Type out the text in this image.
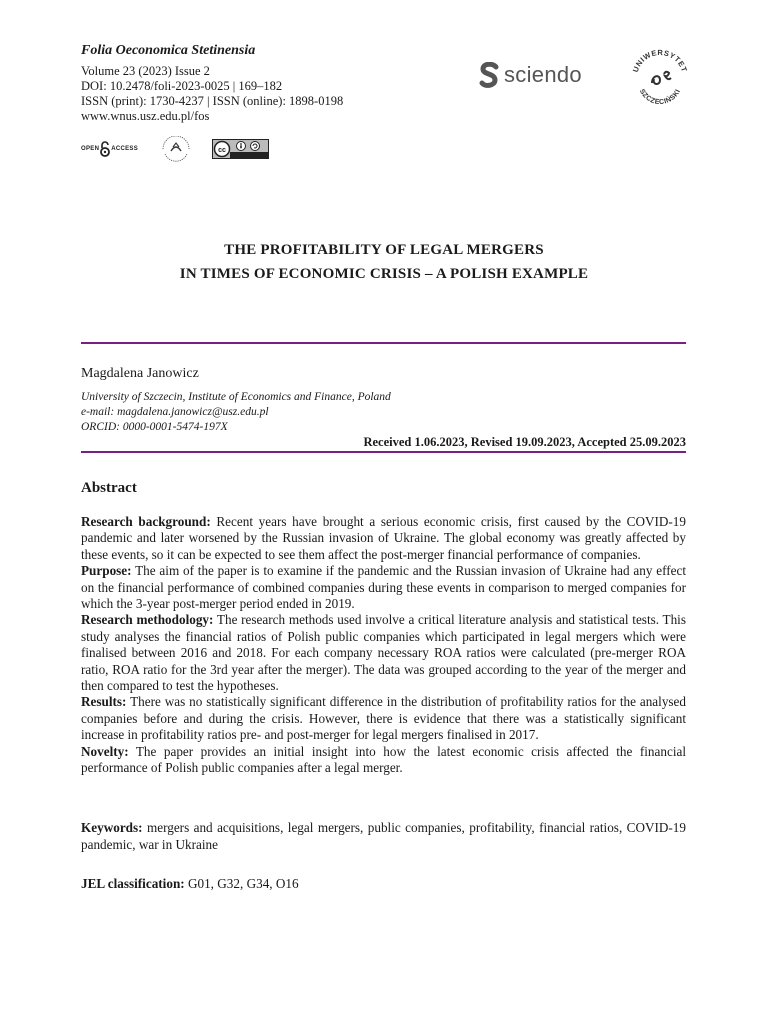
Folia Oeconomica Stetinensia
Volume 23 (2023) Issue 2
DOI: 10.2478/foli-2023-0025 | 169–182
ISSN (print): 1730-4237 | ISSN (online): 1898-0198
www.wnus.usz.edu.pl/fos
OPEN ACCESS	cc
sciendo	UNIWERSYTET
SZCZECIŃSKI
THE PROFITABILITY OF LEGAL MERGERS
IN TIMES OF ECONOMIC CRISIS – A POLISH EXAMPLE
Magdalena Janowicz
University of Szczecin, Institute of Economics and Finance, Poland
e-mail: magdalena.janowicz@usz.edu.pl
ORCID: 0000-0001-5474-197X
Received 1.06.2023, Revised 19.09.2023, Accepted 25.09.2023
Abstract

Research background: Recent years have brought a serious economic crisis, first caused by the COVID-19 pandemic and later worsened by the Russian invasion of Ukraine. The global economy was greatly affected by these events, so it can be expected to see them affect the post-merger financial performance of companies.

Purpose: The aim of the paper is to examine if the pandemic and the Russian invasion of Ukraine had any effect on the financial performance of combined companies during these events in comparison to merged companies for which the 3-year post-merger period ended in 2019.

Research methodology: The research methods used involve a critical literature analysis and statistical tests. This study analyses the financial ratios of Polish public companies which participated in legal mergers which were finalised between 2016 and 2018. For each company necessary ROA ratios were calculated (pre-merger ROA ratio, ROA ratio for the 3rd year after the merger). The data was grouped according to the year of the merger and then compared to test the hypotheses.

Results: There was no statistically significant difference in the distribution of profitability ratios for the analysed companies before and during the crisis. However, there is evidence that there was a statistically significant increase in profitability ratios pre- and post-merger for legal mergers finalised in 2017.

Novelty: The paper provides an initial insight into how the latest economic crisis affected the financial performance of Polish public companies after a legal merger.

Keywords: mergers and acquisitions, legal mergers, public companies, profitability, financial ratios, COVID-19 pandemic, war in Ukraine
JEL classification: G01, G32, G34, O16
